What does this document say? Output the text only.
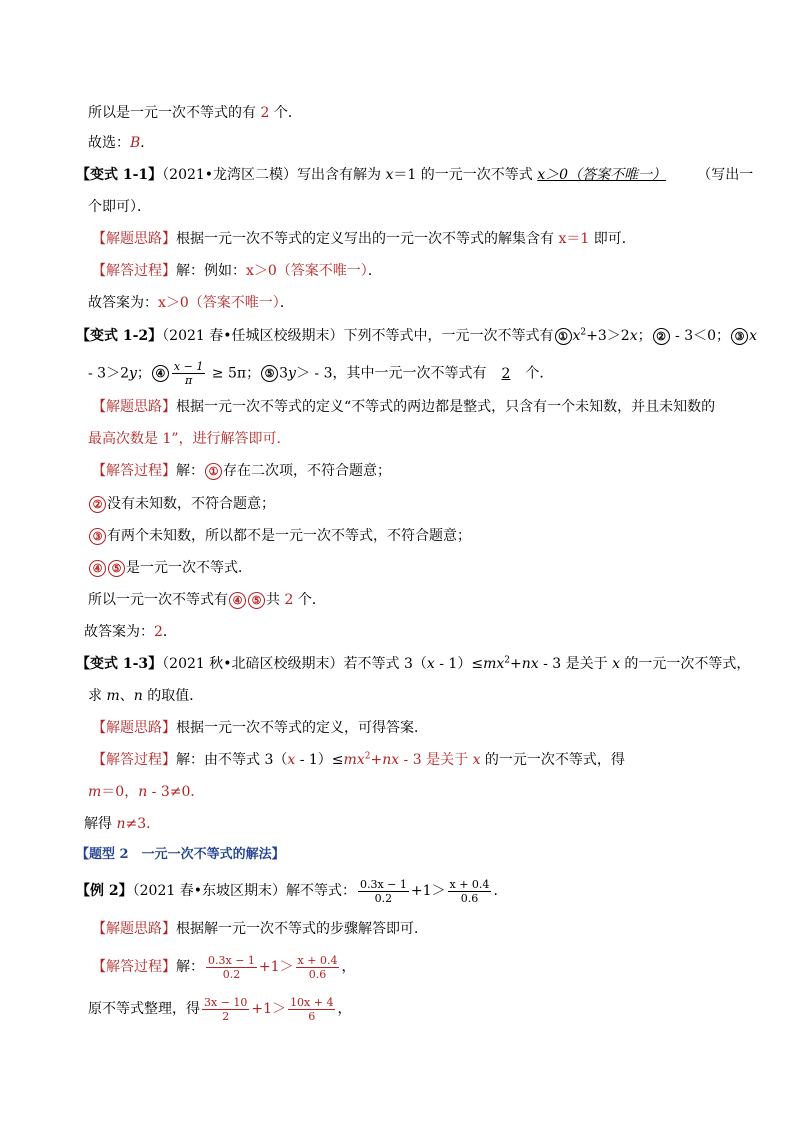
所以是一元一次不等式的有 2 个．
故选：B．
【变式 1-1】（2021•龙湾区二模）写出含有解为 x＝1 的一元一次不等式 x＞0（答案不唯一） （写出一
个即可）．
【解题思路】根据一元一次不等式的定义写出的一元一次不等式的解集含有 x＝1 即可．
【解答过程】解：例如：x＞0（答案不唯一）．
故答案为：x＞0（答案不唯一）．
【变式 1-2】（2021 春•任城区校级期末）下列不等式中，一元一次不等式有 ① $x^2+3>2x$； ② - 3＜0； ③ x
- 3＞2y； ④ $\frac{x - 1}{\pi} \ge 5\pi$； ⑤ 3y＞ - 3，其中一元一次不等式有 2 个．
【解题思路】根据一元一次不等式的定义“不等式的两边都是整式，只含有一个未知数，并且未知数的
最高次数是 1”，进行解答即可.
【解答过程】解： ① 存在二次项，不符合题意；
② 没有未知数，不符合题意；
③ 有两个未知数，所以都不是一元一次不等式，不符合题意；
④ ⑤ 是一元一次不等式．
所以一元一次不等式有 ④ ⑤ 共 2 个．
故答案为：2．
【变式 1-3】（2021 秋•北碚区校级期末）若不等式 $3(x - 1)\le mx^2+nx - 3$ 是关于 x 的一元一次不等式，
求 m、n 的取值．
【解题思路】根据一元一次不等式的定义，可得答案．
【解答过程】解：由不等式 $3(x - 1)\le mx^2+nx - 3$ 是关于 x 的一元一次不等式，得
m＝0，n - 3≠0．
解得 n≠3．
【题型 2　一元一次不等式的解法】
【例 2】（2021 春•东坡区期末）解不等式： $\frac{0.3x - 1}{0.2} +1> \frac{x + 0.4}{0.6}$ ．
【解题思路】根据解一元一次不等式的步骤解答即可．
【解答过程】解： $\frac{0.3x - 1}{0.2} +1> \frac{x + 0.4}{0.6}$ ，
原不等式整理，得 $\frac{3x - 10}{2} +1> \frac{10x + 4}{6}$ ，
